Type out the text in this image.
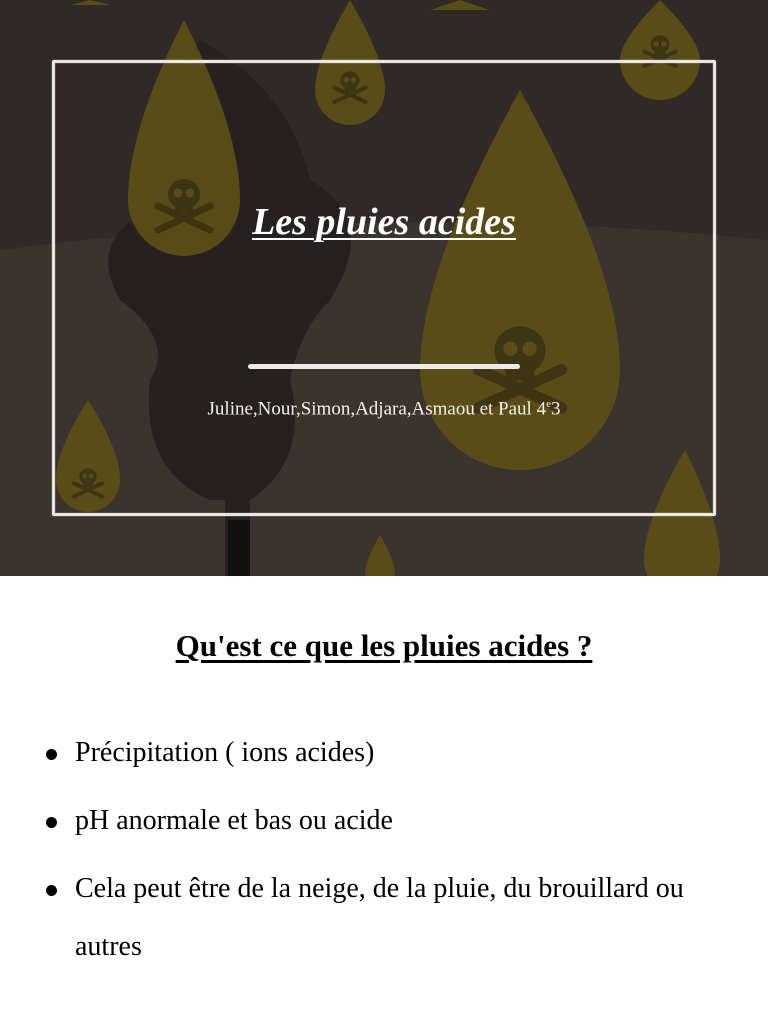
Les pluies acides

Juline,Nour,Simon,Adjara,Asmaou et Paul 4e3

Qu'est ce que les pluies acides ?
Précipitation ( ions acides)
pH anormale et bas ou acide
Cela peut être de la neige, de la pluie, du brouillard ou autres
